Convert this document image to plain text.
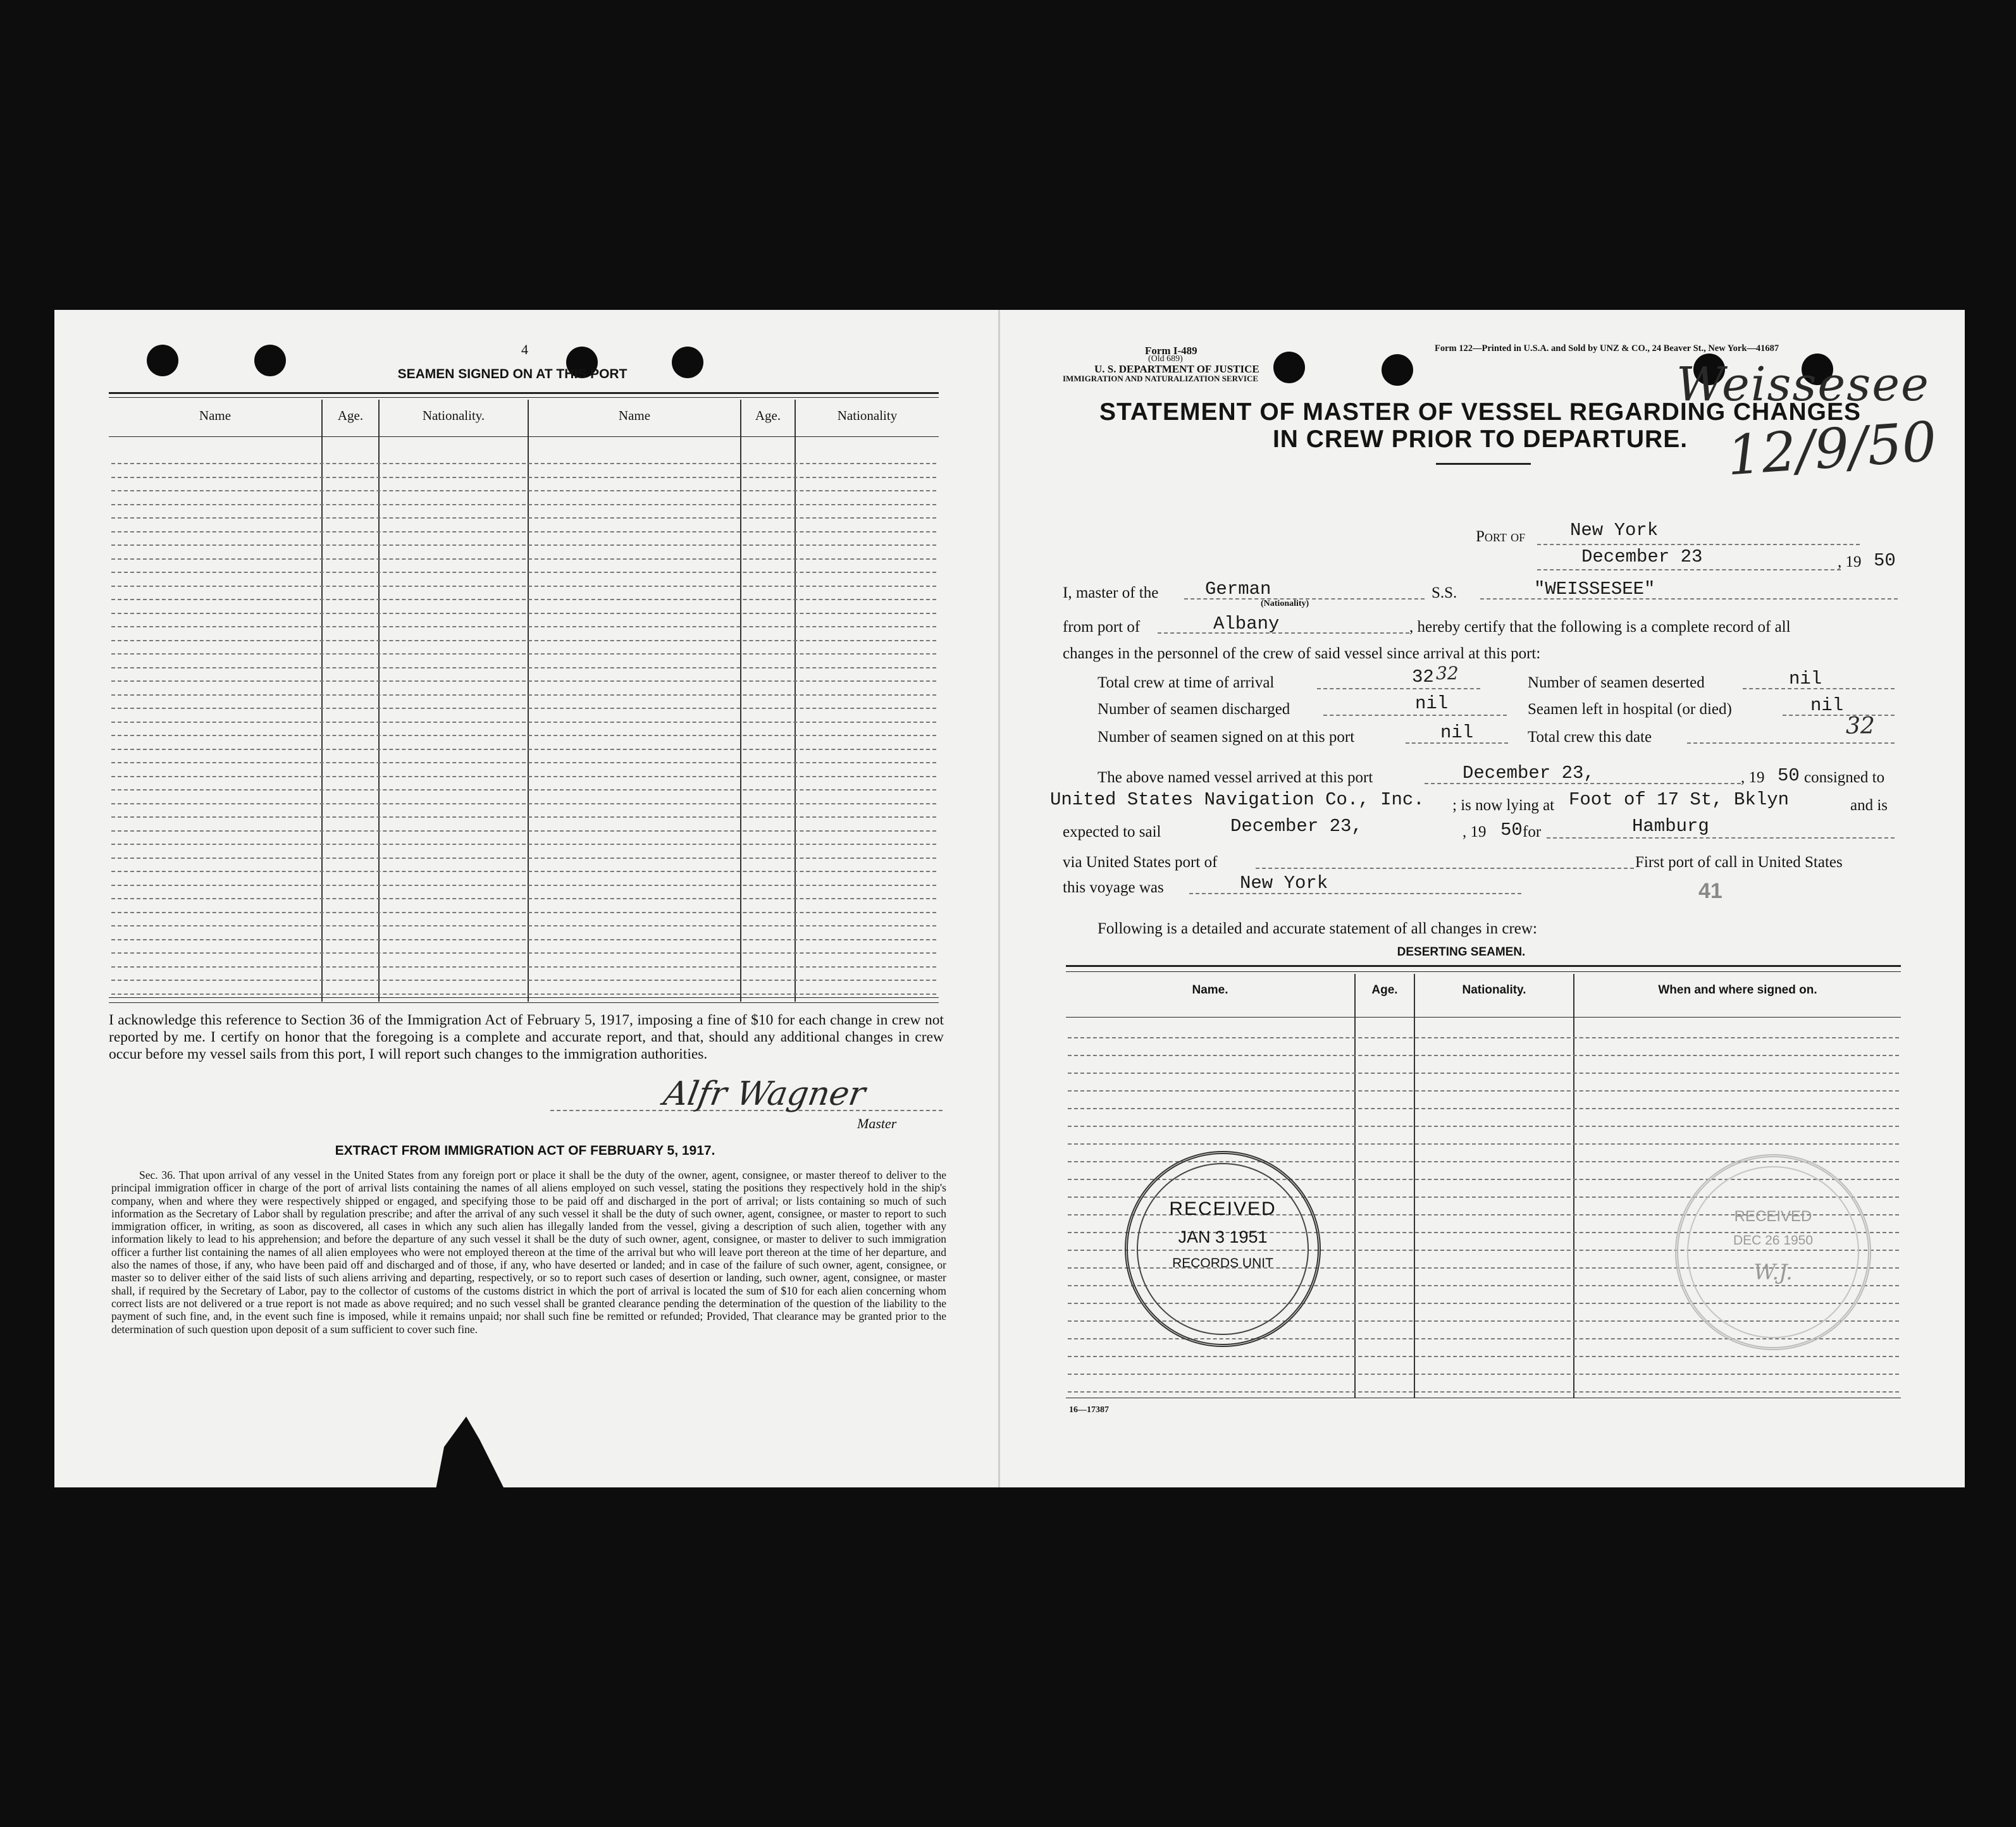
4
SEAMEN SIGNED ON AT THIS PORT
Name	Age.	Nationality.	Name	Age.	Nationality
I acknowledge this reference to Section 36 of the Immigration Act of February 5, 1917, imposing a fine of $10 for each change in crew not reported by me. I certify on honor that the foregoing is a complete and accurate report, and that, should any additional changes in crew occur before my vessel sails from this port, I will report such changes to the immigration authorities.
Alfr Wagner
Master
EXTRACT FROM IMMIGRATION ACT OF FEBRUARY 5, 1917.
Sec. 36. That upon arrival of any vessel in the United States from any foreign port or place it shall be the duty of the owner, agent, consignee, or master thereof to deliver to the principal immigration officer in charge of the port of arrival lists containing the names of all aliens employed on such vessel, stating the positions they respectively hold in the ship's company, when and where they were respectively shipped or engaged, and specifying those to be paid off and discharged in the port of arrival; or lists containing so much of such information as the Secretary of Labor shall by regulation prescribe; and after the arrival of any such vessel it shall be the duty of such owner, agent, consignee, or master to report to such immigration officer, in writing, as soon as discovered, all cases in which any such alien has illegally landed from the vessel, giving a description of such alien, together with any information likely to lead to his apprehension; and before the departure of any such vessel it shall be the duty of such owner, agent, consignee, or master to deliver to such immigration officer a further list containing the names of all alien employees who were not employed thereon at the time of the arrival but who will leave port thereon at the time of her departure, and also the names of those, if any, who have been paid off and discharged and of those, if any, who have deserted or landed; and in case of the failure of such owner, agent, consignee, or master so to deliver either of the said lists of such aliens arriving and departing, respectively, or so to report such cases of desertion or landing, such owner, agent, consignee, or master shall, if required by the Secretary of Labor, pay to the collector of customs of the customs district in which the port of arrival is located the sum of $10 for each alien concerning whom correct lists are not delivered or a true report is not made as above required; and no such vessel shall be granted clearance pending the determination of the question of the liability to the payment of such fine, and, in the event such fine is imposed, while it remains unpaid; nor shall such fine be remitted or refunded; Provided, That clearance may be granted prior to the determination of such question upon deposit of a sum sufficient to cover such fine.
Form I-489
(Old 689)
U. S. DEPARTMENT OF JUSTICE
IMMIGRATION AND NATURALIZATION SERVICE
Form 122—Printed in U.S.A. and Sold by UNZ & CO., 24 Beaver St., New York—41687
STATEMENT OF MASTER OF VESSEL REGARDING CHANGES
IN CREW PRIOR TO DEPARTURE.
Weissesee
12/9/50
Port of New York
December 23	, 19 50
I, master of the	German
(Nationality)
S.S.	"WEISSESEE"
from port of	Albany	, hereby certify that the following is a complete record of all
changes in the personnel of the crew of said vessel since arrival at this port:
Total crew at time of arrival	32 32	Number of seamen deserted	nil
Number of seamen discharged	nil	Seamen left in hospital (or died)	nil
Number of seamen signed on at this port	nil	Total crew this date	32
The above named vessel arrived at this port	December 23,	, 19 50 consigned to
United States Navigation Co., Inc. ; is now lying at Foot of 17 St, Bklyn	and is
expected to sail	December 23,	, 19 50 for	Hamburg
via United States port of	First port of call in United States
this voyage was	New York	41
Following is a detailed and accurate statement of all changes in crew:
DESERTING SEAMEN.
Name.	Age.	Nationality.	When and where signed on.
16—17387
RECEIVED
JAN 3 1951
RECORDS UNIT
RECEIVED
DEC 26 1950
W.J.
